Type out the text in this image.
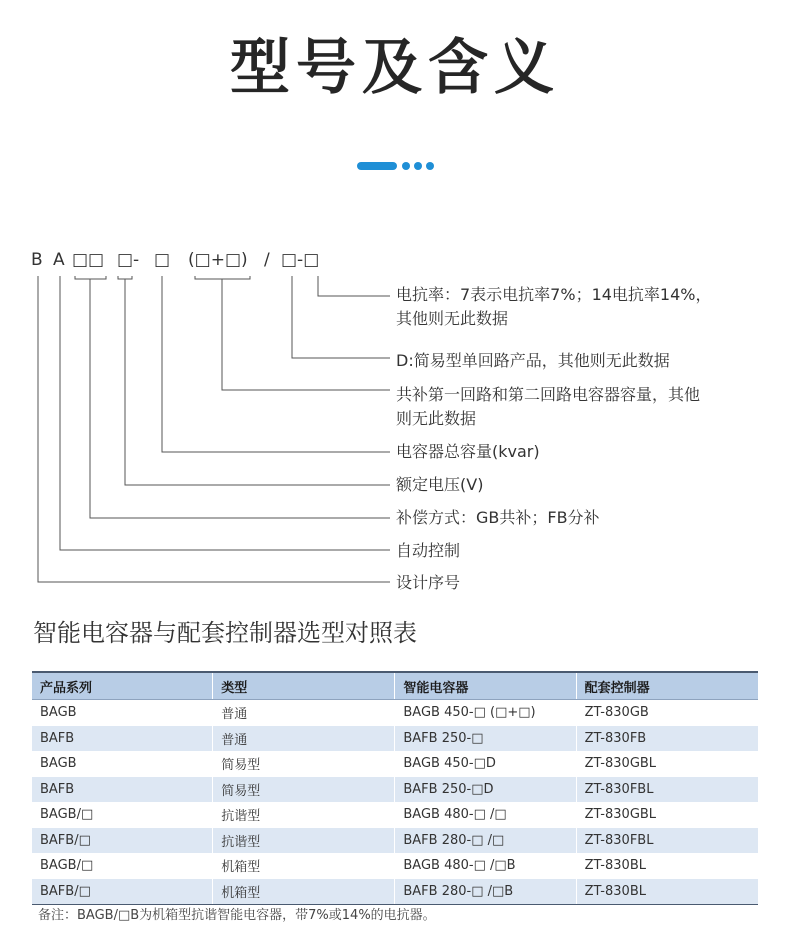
型号及含义
B A □□ □- □ (□+□) / □-□
电抗率：7表示电抗率7%；14电抗率14%，
其他则无此数据
D:简易型单回路产品，其他则无此数据
共补第一回路和第二回路电容器容量，其他
则无此数据
电容器总容量(kvar)
额定电压(V)
补偿方式：GB共补；FB分补
自动控制
设计序号
智能电容器与配套控制器选型对照表
产品系列	类型	智能电容器	配套控制器
BAGB	普通	BAGB 450-□ (□+□)	ZT-830GB
BAFB	普通	BAFB 250-□	ZT-830FB
BAGB	简易型	BAGB 450-□D	ZT-830GBL
BAFB	简易型	BAFB 250-□D	ZT-830FBL
BAGB/□	抗谐型	BAGB 480-□ /□	ZT-830GBL
BAFB/□	抗谐型	BAFB 280-□ /□	ZT-830FBL
BAGB/□	机箱型	BAGB 480-□ /□B	ZT-830BL
BAFB/□	机箱型	BAFB 280-□ /□B	ZT-830BL
备注：BAGB/□B为机箱型抗谐智能电容器，带7%或14%的电抗器。
